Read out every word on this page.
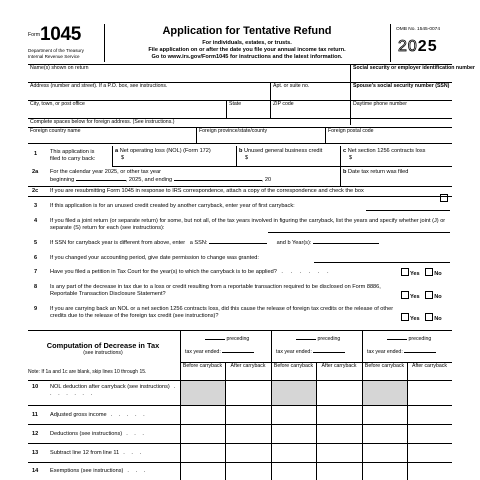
Form 1045
Department of the Treasury
Internal Revenue Service
Application for Tentative Refund
For individuals, estates, or trusts.
File application on or after the date you file your annual income tax return.
Go to www.irs.gov/Form1045 for instructions and the latest information.
OMB No. 1545-0074
2025
Name(s) shown on return	Social security or employer identification number
Address (number and street). If a P.O. box, see instructions.	Apt. or suite no.	Spouse's social security number (SSN)
City, town, or post office	State	ZIP code	Daytime phone number
Complete spaces below for foreign address. (See instructions.)
Foreign country name	Foreign province/state/county	Foreign postal code
1 This application is
filed to carry back:
a Net operating loss (NOL) (Form 172)
$
b Unused general business credit
$
c Net section 1256 contracts loss
$
2a For the calendar year 2025, or other tax year
beginning	, 2025, and ending	, 20
b Date tax return was filed
2c If you are resubmitting Form 1045 in response to IRS correspondence, attach a copy of the correspondence and check the box
3 If this application is for an unused credit created by another carryback, enter year of first carryback:
4 If you filed a joint return (or separate return) for some, but not all, of the tax years involved in figuring the carryback, list the years and specify whether joint (J) or separate (S) return for each (see instructions):
5 If SSN for carryback year is different from above, enter a SSN:	and b Year(s):
6 If you changed your accounting period, give date permission to change was granted:
7 Have you filed a petition in Tax Court for the year(s) to which the carryback is to be applied? . . . . . .	Yes	No
8 Is any part of the decrease in tax due to a loss or credit resulting from a reportable transaction required to be disclosed on Form 8886, Reportable Transaction Disclosure Statement?
Yes	No
9 If you are carrying back an NOL or a net section 1256 contracts loss, did this cause the release of foreign tax credits or the release of other credits due to the release of the foreign tax credit (see instructions)?
Yes	No
Computation of Decrease in Tax
(see instructions)
Note: If 1a and 1c are blank, skip lines 10 through 15.
preceding
tax year ended:
preceding
tax year ended:
preceding
tax year ended:
Before carryback	After carryback	Before carryback	After carryback	Before carryback	After carryback
10 NOL deduction after carryback (see instructions) . . . . . . .
11 Adjusted gross income . . . . .
12 Deductions (see instructions) . . .
13 Subtract line 12 from line 11 . . .
14 Exemptions (see instructions) . . .
